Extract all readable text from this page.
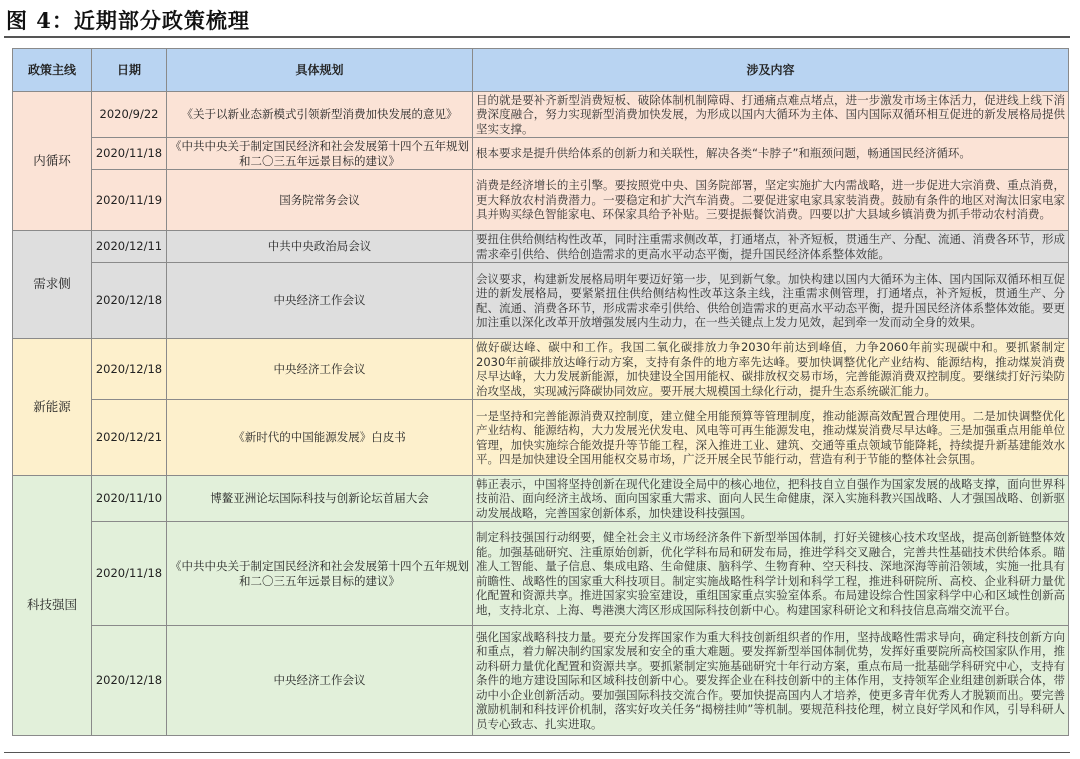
图 4：近期部分政策梳理
政策主线	日期	具体规划	涉及内容
内循环	2020/9/22	《关于以新业态新模式引领新型消费加快发展的意见》	目的就是要补齐新型消费短板、破除体制机制障碍、打通痛点难点堵点，进一步激发市场主体活力，促进线上线下消费深度融合，努力实现新型消费加快发展，为形成以国内大循环为主体、国内国际双循环相互促进的新发展格局提供坚实支撑。
	2020/11/18	《中共中央关于制定国民经济和社会发展第十四个五年规划和二〇三五年远景目标的建议》	根本要求是提升供给体系的创新力和关联性，解决各类“卡脖子”和瓶颈问题，畅通国民经济循环。
	2020/11/19	国务院常务会议	消费是经济增长的主引擎。要按照党中央、国务院部署，坚定实施扩大内需战略，进一步促进大宗消费、重点消费，更大释放农村消费潜力。一要稳定和扩大汽车消费。二要促进家电家具家装消费。鼓励有条件的地区对淘汰旧家电家具并购买绿色智能家电、环保家具给予补贴。三要提振餐饮消费。四要以扩大县域乡镇消费为抓手带动农村消费。
需求侧	2020/12/11	中共中央政治局会议	要扭住供给侧结构性改革，同时注重需求侧改革，打通堵点，补齐短板，贯通生产、分配、流通、消费各环节，形成需求牵引供给、供给创造需求的更高水平动态平衡，提升国民经济体系整体效能。
	2020/12/18	中央经济工作会议	会议要求，构建新发展格局明年要迈好第一步，见到新气象。加快构建以国内大循环为主体、国内国际双循环相互促进的新发展格局，要紧紧扭住供给侧结构性改革这条主线，注重需求侧管理，打通堵点，补齐短板，贯通生产、分配、流通、消费各环节，形成需求牵引供给、供给创造需求的更高水平动态平衡，提升国民经济体系整体效能。要更加注重以深化改革开放增强发展内生动力，在一些关键点上发力见效，起到牵一发而动全身的效果。
新能源	2020/12/18	中央经济工作会议	做好碳达峰、碳中和工作。我国二氧化碳排放力争2030年前达到峰值，力争2060年前实现碳中和。要抓紧制定2030年前碳排放达峰行动方案，支持有条件的地方率先达峰。要加快调整优化产业结构、能源结构，推动煤炭消费尽早达峰，大力发展新能源，加快建设全国用能权、碳排放权交易市场，完善能源消费双控制度。要继续打好污染防治攻坚战，实现减污降碳协同效应。要开展大规模国土绿化行动，提升生态系统碳汇能力。
	2020/12/21	《新时代的中国能源发展》白皮书	一是坚持和完善能源消费双控制度，建立健全用能预算等管理制度，推动能源高效配置合理使用。二是加快调整优化产业结构、能源结构，大力发展光伏发电、风电等可再生能源发电，推动煤炭消费尽早达峰。三是加强重点用能单位管理，加快实施综合能效提升等节能工程，深入推进工业、建筑、交通等重点领域节能降耗，持续提升新基建能效水平。四是加快建设全国用能权交易市场，广泛开展全民节能行动，营造有利于节能的整体社会氛围。
科技强国	2020/11/10	博鳌亚洲论坛国际科技与创新论坛首届大会	韩正表示，中国将坚持创新在现代化建设全局中的核心地位，把科技自立自强作为国家发展的战略支撑，面向世界科技前沿、面向经济主战场、面向国家重大需求、面向人民生命健康，深入实施科教兴国战略、人才强国战略、创新驱动发展战略，完善国家创新体系，加快建设科技强国。
	2020/11/18	《中共中央关于制定国民经济和社会发展第十四个五年规划和二〇三五年远景目标的建议》	制定科技强国行动纲要，健全社会主义市场经济条件下新型举国体制，打好关键核心技术攻坚战，提高创新链整体效能。加强基础研究、注重原始创新，优化学科布局和研发布局，推进学科交叉融合，完善共性基础技术供给体系。瞄准人工智能、量子信息、集成电路、生命健康、脑科学、生物育种、空天科技、深地深海等前沿领域，实施一批具有前瞻性、战略性的国家重大科技项目。制定实施战略性科学计划和科学工程，推进科研院所、高校、企业科研力量优化配置和资源共享。推进国家实验室建设，重组国家重点实验室体系。布局建设综合性国家科学中心和区域性创新高地，支持北京、上海、粤港澳大湾区形成国际科技创新中心。构建国家科研论文和科技信息高端交流平台。
	2020/12/18	中央经济工作会议	强化国家战略科技力量。要充分发挥国家作为重大科技创新组织者的作用，坚持战略性需求导向，确定科技创新方向和重点，着力解决制约国家发展和安全的重大难题。要发挥新型举国体制优势，发挥好重要院所高校国家队作用，推动科研力量优化配置和资源共享。要抓紧制定实施基础研究十年行动方案，重点布局一批基础学科研究中心，支持有条件的地方建设国际和区域科技创新中心。要发挥企业在科技创新中的主体作用，支持领军企业组建创新联合体，带动中小企业创新活动。要加强国际科技交流合作。要加快提高国内人才培养，使更多青年优秀人才脱颖而出。要完善激励机制和科技评价机制，落实好攻关任务“揭榜挂帅”等机制。要规范科技伦理，树立良好学风和作风，引导科研人员专心致志、扎实进取。
